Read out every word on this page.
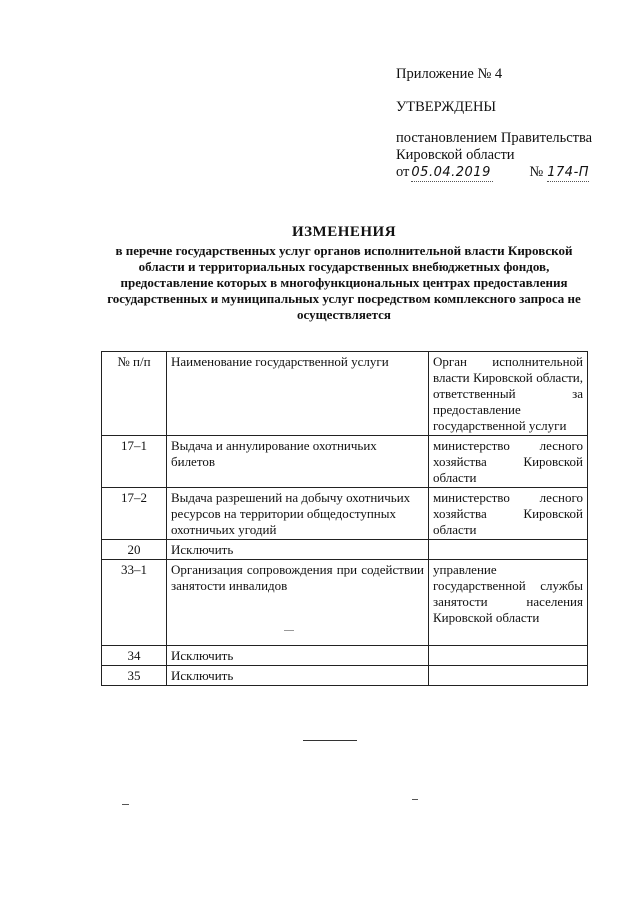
Приложение № 4
УТВЕРЖДЕНЫ
постановлением Правительства
Кировской области
от 05.04.2019	№ 174-П
ИЗМЕНЕНИЯ
в перечне государственных услуг органов исполнительной власти Кировской области и территориальных государственных внебюджетных фондов, предоставление которых в многофункциональных центрах предоставления государственных и муниципальных услуг посредством комплексного запроса не осуществляется
№ п/п	Наименование государственной услуги	Орган исполнительной власти Кировской области, ответственный за предоставление государственной услуги
17–1	Выдача и аннулирование охотничьих билетов	министерство лесного хозяйства Кировской области
17–2	Выдача разрешений на добычу охотничьих ресурсов на территории общедоступных охотничьих угодий	министерство лесного хозяйства Кировской области
20	Исключить	
33–1	Организация сопровождения при содействии занятости инвалидов	управление государственной службы занятости населения Кировской области
34	Исключить	
35	Исключить	
